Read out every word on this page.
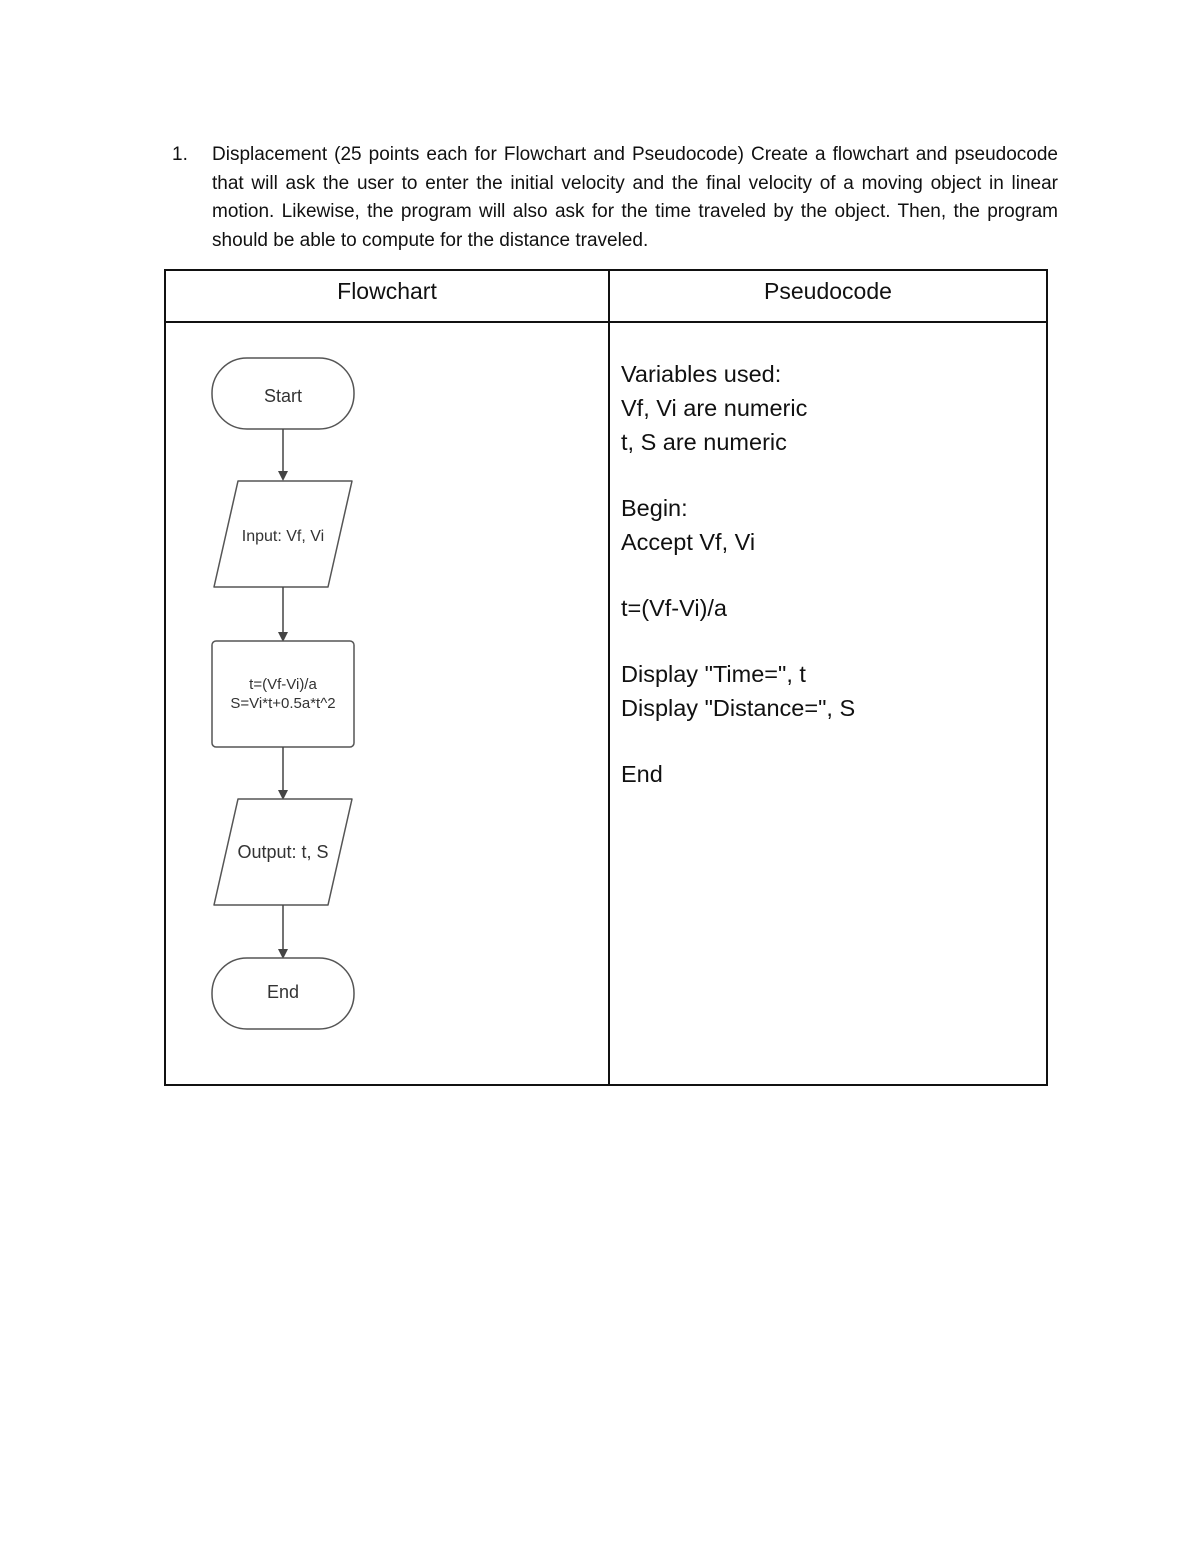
1. Displacement (25 points each for Flowchart and Pseudocode) Create a flowchart and pseudocode that will ask the user to enter the initial velocity and the final velocity of a moving object in linear motion. Likewise, the program will also ask for the time traveled by the object. Then, the program should be able to compute for the distance traveled.
Flowchart	Pseudocode
Start
Input: Vf, Vi
t=(Vf-Vi)/a
S=Vi*t+0.5a*t^2
Output: t, S
End
Variables used:
Vf, Vi are numeric
t, S are numeric
Begin:
Accept Vf, Vi
t=(Vf-Vi)/a
Display "Time=", t
Display "Distance=", S
End
